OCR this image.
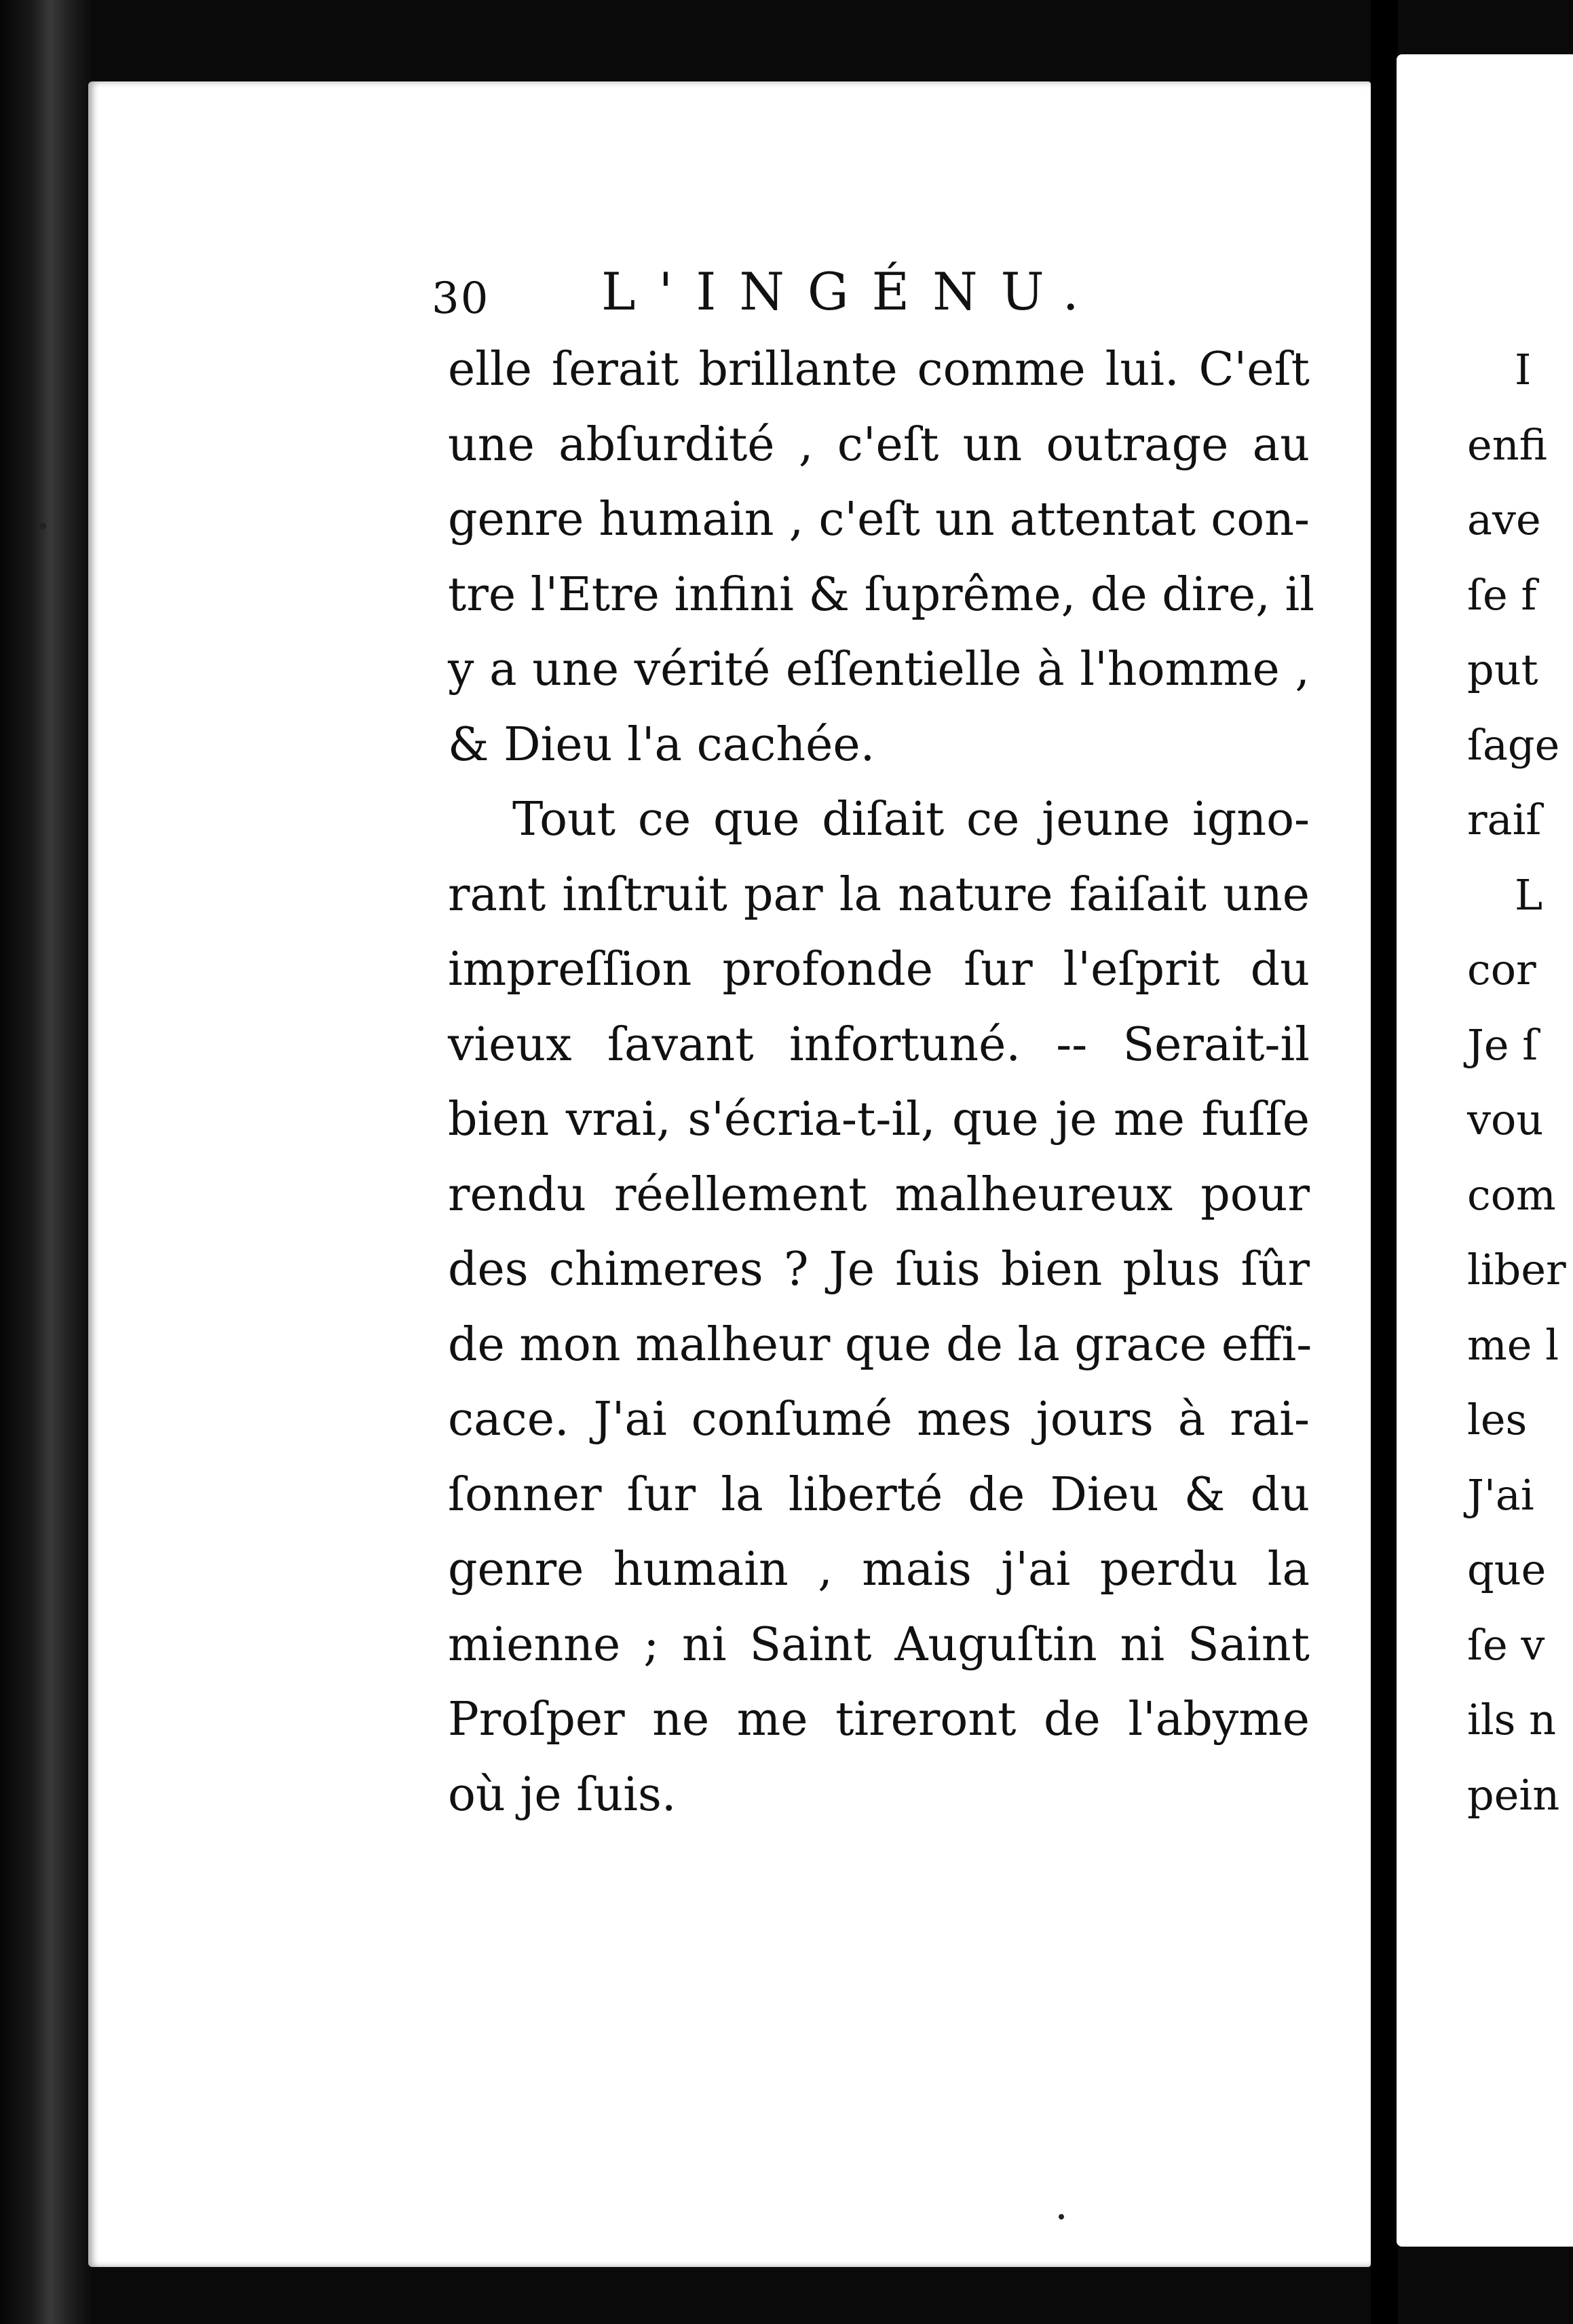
30 L'INGÉNU.
elle ſerait brillante comme lui. C'eſt
une abſurdité , c'eſt un outrage au
genre humain , c'eſt un attentat con-
tre l'Etre infini & ſuprême, de dire, il
y a une vérité eſſentielle à l'homme ,
& Dieu l'a cachée.
Tout ce que diſait ce jeune igno-
rant inſtruit par la nature faiſait une
impreſſion profonde ſur l'eſprit du
vieux ſavant infortuné. -- Serait-il
bien vrai, s'écria-t-il, que je me fuſſe
rendu réellement malheureux pour
des chimeres ? Je ſuis bien plus ſûr
de mon malheur que de la grace effi-
cace. J'ai conſumé mes jours à rai-
ſonner ſur la liberté de Dieu & du
genre humain , mais j'ai perdu la
mienne ; ni Saint Auguſtin ni Saint
Proſper ne me tireront de l'abyme
où je ſuis.
I
enfi
ave
ſe f
put
ſage
raiſ
L
cor
Je ſ
vou
com
liber
me l
les
J'ai
que
ſe v
ils n
pein
